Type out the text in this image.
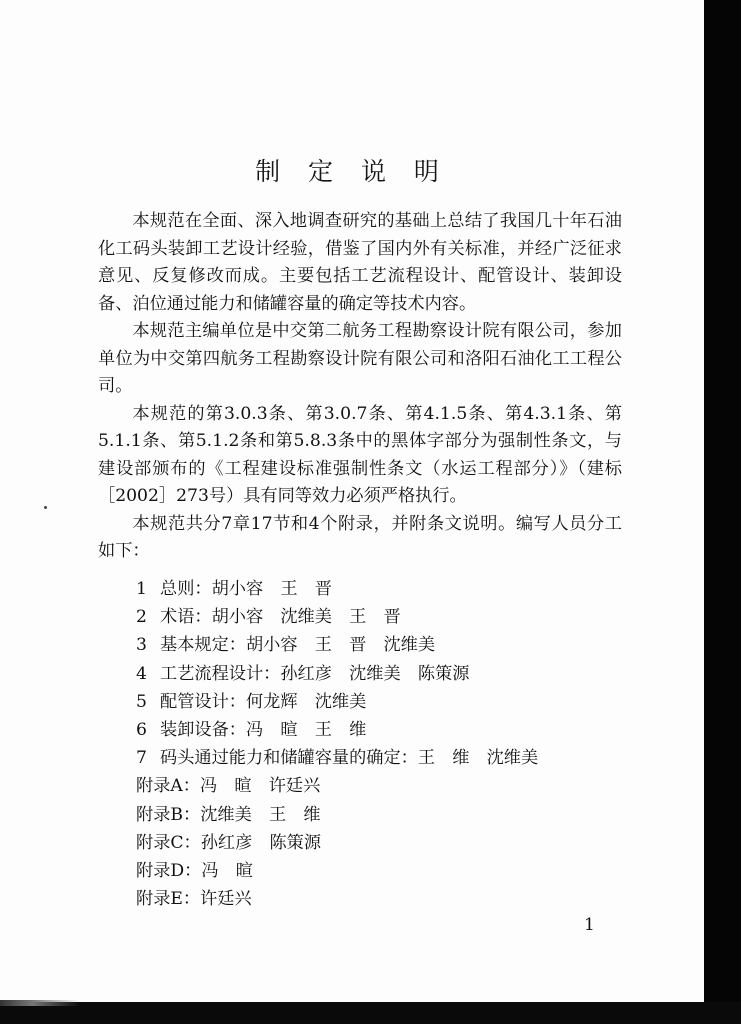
制 定 说 明

本规范在全面、深入地调查研究的基础上总结了我国几十年石油化工码头装卸工艺设计经验，借鉴了国内外有关标准，并经广泛征求意见、反复修改而成。主要包括工艺流程设计、配管设计、装卸设备、泊位通过能力和储罐容量的确定等技术内容。

本规范主编单位是中交第二航务工程勘察设计院有限公司，参加单位为中交第四航务工程勘察设计院有限公司和洛阳石油化工工程公司。

本规范的第3.0.3条、第3.0.7条、第4.1.5条、第4.3.1条、第5.1.1条、第5.1.2条和第5.8.3条中的黑体字部分为强制性条文，与建设部颁布的《工程建设标准强制性条文（水运工程部分）》（建标［2002］273号）具有同等效力必须严格执行。

本规范共分7章17节和4个附录，并附条文说明。编写人员分工如下：

1 总则：胡小容　王　晋
2 术语：胡小容　沈维美　王　晋
3 基本规定：胡小容　王　晋　沈维美
4 工艺流程设计：孙红彦　沈维美　陈策源
5 配管设计：何龙辉　沈维美
6 装卸设备：冯　暄　王　维
7 码头通过能力和储罐容量的确定：王　维　沈维美
附录A：冯　暄　许廷兴
附录B：沈维美　王　维
附录C：孙红彦　陈策源
附录D：冯　暄
附录E：许廷兴
1
